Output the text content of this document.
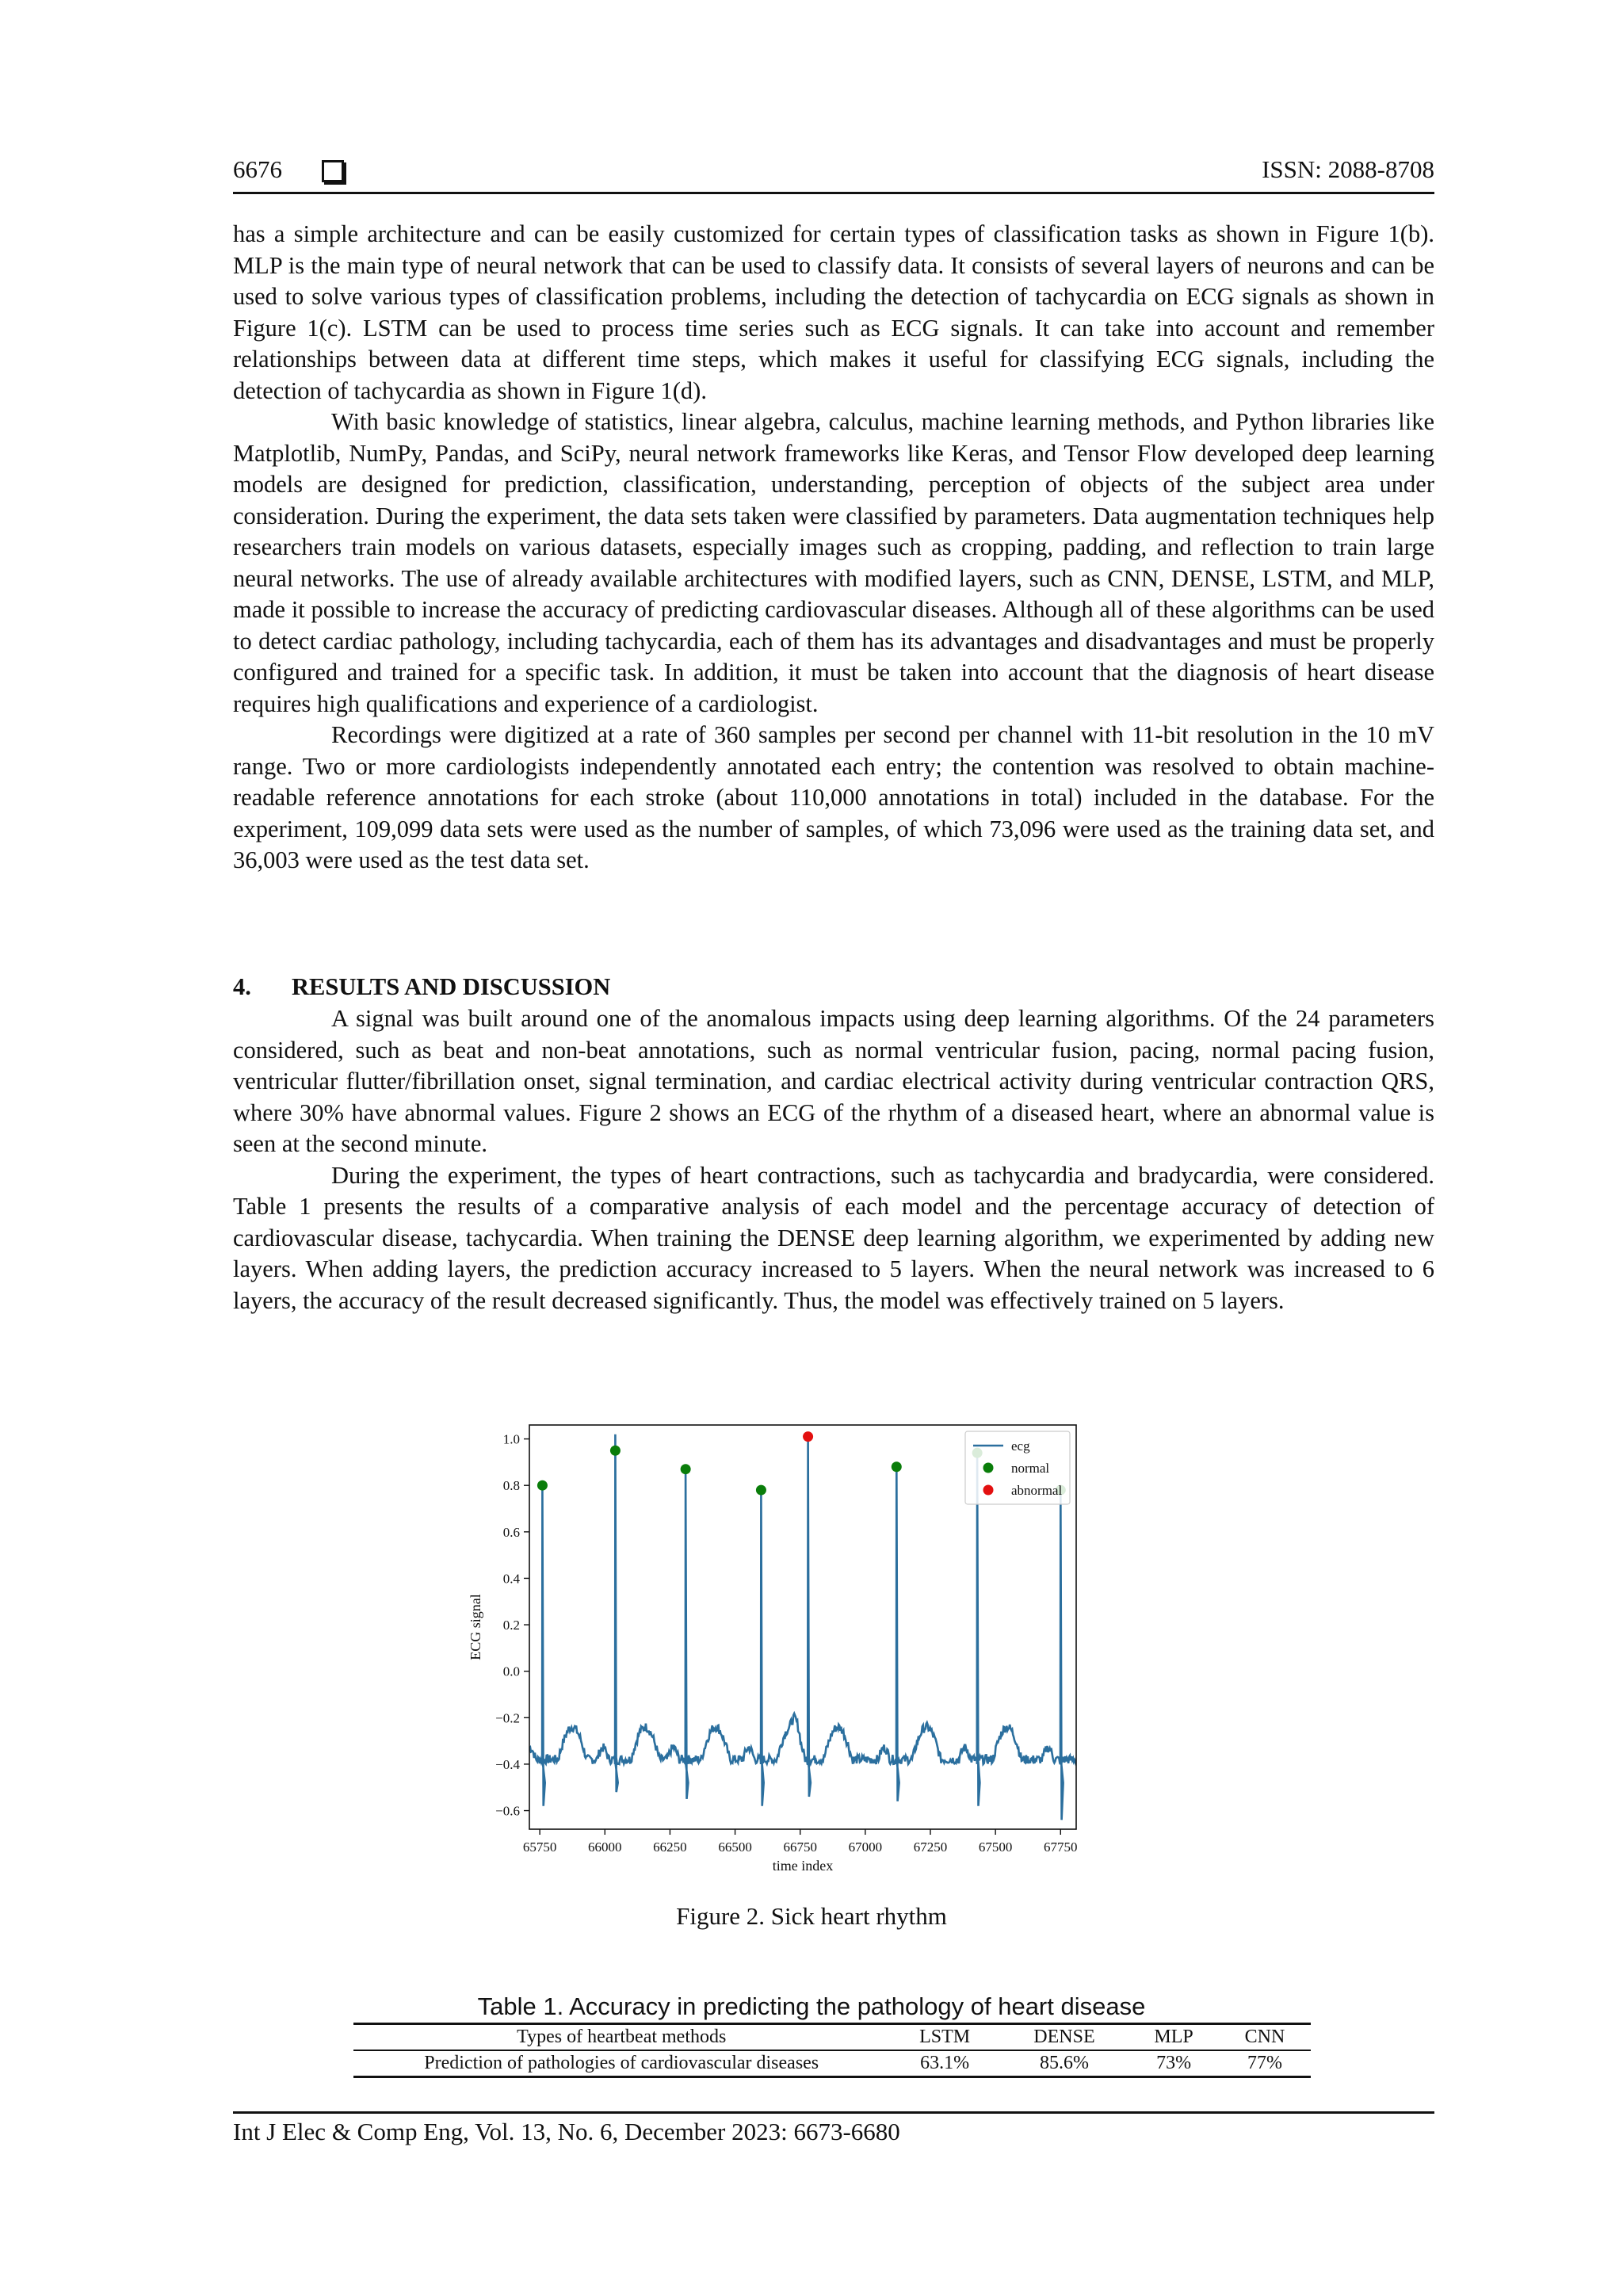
6676	ISSN: 2088-8708

has a simple architecture and can be easily customized for certain types of classification tasks as shown in Figure 1(b). MLP is the main type of neural network that can be used to classify data. It consists of several layers of neurons and can be used to solve various types of classification problems, including the detection of tachycardia on ECG signals as shown in Figure 1(c). LSTM can be used to process time series such as ECG signals. It can take into account and remember relationships between data at different time steps, which makes it useful for classifying ECG signals, including the detection of tachycardia as shown in Figure 1(d).

With basic knowledge of statistics, linear algebra, calculus, machine learning methods, and Python libraries like Matplotlib, NumPy, Pandas, and SciPy, neural network frameworks like Keras, and Tensor Flow developed deep learning models are designed for prediction, classification, understanding, perception of objects of the subject area under consideration. During the experiment, the data sets taken were classified by parameters. Data augmentation techniques help researchers train models on various datasets, especially images such as cropping, padding, and reflection to train large neural networks. The use of already available architectures with modified layers, such as CNN, DENSE, LSTM, and MLP, made it possible to increase the accuracy of predicting cardiovascular diseases. Although all of these algorithms can be used to detect cardiac pathology, including tachycardia, each of them has its advantages and disadvantages and must be properly configured and trained for a specific task. In addition, it must be taken into account that the diagnosis of heart disease requires high qualifications and experience of a cardiologist.

Recordings were digitized at a rate of 360 samples per second per channel with 11-bit resolution in the 10 mV range. Two or more cardiologists independently annotated each entry; the contention was resolved to obtain machine-readable reference annotations for each stroke (about 110,000 annotations in total) included in the database. For the experiment, 109,099 data sets were used as the number of samples, of which 73,096 were used as the training data set, and 36,003 were used as the test data set.

4. RESULTS AND DISCUSSION

A signal was built around one of the anomalous impacts using deep learning algorithms. Of the 24 parameters considered, such as beat and non-beat annotations, such as normal ventricular fusion, pacing, normal pacing fusion, ventricular flutter/fibrillation onset, signal termination, and cardiac electrical activity during ventricular contraction QRS, where 30% have abnormal values. Figure 2 shows an ECG of the rhythm of a diseased heart, where an abnormal value is seen at the second minute.

During the experiment, the types of heart contractions, such as tachycardia and bradycardia, were considered. Table 1 presents the results of a comparative analysis of each model and the percentage accuracy of detection of cardiovascular disease, tachycardia. When training the DENSE deep learning algorithm, we experimented by adding new layers. When adding layers, the prediction accuracy increased to 5 layers. When the neural network was increased to 6 layers, the accuracy of the result decreased significantly. Thus, the model was effectively trained on 5 layers.

65750 66000 66250 66500 66750 67000 67250 67500 67750
−0.6
−0.4
−0.2
0.0
0.2
0.4
0.6
0.8
1.0
time index
ECG signal
ecg
normal
abnormal
Figure 2. Sick heart rhythm
Table 1. Accuracy in predicting the pathology of heart disease
Types of heartbeat methods	LSTM	DENSE	MLP	CNN
Prediction of pathologies of cardiovascular diseases	63.1%	85.6%	73%	77%
Int J Elec & Comp Eng, Vol. 13, No. 6, December 2023: 6673-6680
